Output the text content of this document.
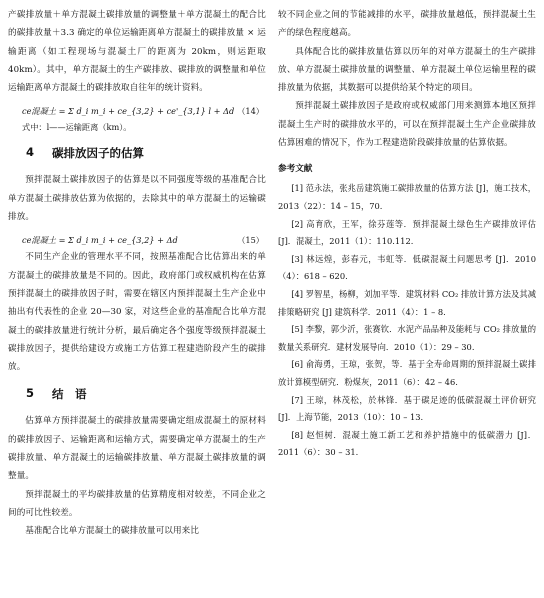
产碳排放量＋单方混凝土碳排放量的调整量＋单方混凝土的配合比的碳排放量＋3.3 确定的单位运输距离单方混凝土的碳排放量 × 运输距离（如工程现场与混凝土厂的距离为 20km，则运距取 40km）。其中，单方混凝土的生产碳排放、碳排放的调整量和单位运输距离单方混凝土的碳排放取自往年的统计资料。

ce混凝土 = Σ d_i m_i + ce_{3,2} + ce'_{3,1} l + Δd （14）
式中：l——运输距离（km）。
4 碳排放因子的估算

预拌混凝土碳排放因子的估算是以不同强度等级的基准配合比单方混凝土碳排放估算为依据的，去除其中的单方混凝土的运输碳排放。

ce混凝土 = Σ d_i m_i + ce_{3,2} + Δd	（15）

不同生产企业的管理水平不同，按照基准配合比估算出来的单方混凝土的碳排放量是不同的。因此，政府部门或权威机构在估算预拌混凝土的碳排放因子时，需要在辖区内预拌混凝土生产企业中抽出有代表性的企业 20—30 家，对这些企业的基准配合比单方混凝土的碳排放量进行统计分析，最后确定各个强度等级预拌混凝土碳排放因子，提供给建设方或施工方估算工程建造阶段产生的碳排放。

5 结　语

估算单方预拌混凝土的碳排放量需要确定组成混凝土的原材料的碳排放因子、运输距离和运输方式，需要确定单方混凝土的生产碳排放量、单方混凝土的运输碳排放量、单方混凝土碳排放量的调整量。

预拌混凝土的平均碳排放量的估算精度相对较差，不同企业之间的可比性较差。

基准配合比单方混凝土的碳排放量可以用来比

较不同企业之间的节能减排的水平，碳排放量越低，预拌混凝土生产的绿色程度越高。

具体配合比的碳排放量估算以历年的对单方混凝土的生产碳排放、单方混凝土碳排放量的调整量、单方混凝土单位运输里程的碳排放量为依据，其数据可以提供给某个特定的项目。

预拌混凝土碳排放因子是政府或权威部门用来测算本地区预拌混凝土生产时的碳排放水平的，可以在预拌混凝土生产企业碳排放估算困难的情况下，作为工程建造阶段碳排放量的估算依据。

参考文献

[1] 范永法，张兆岳建筑施工碳排放量的估算方法 [J]，施工技术，2013（22）：14 – 15，70.

[2] 高育欣，王军，徐芬莲等．预拌混凝土绿色生产碳排放评估 [J]．混凝土，2011（1）：110.112.

[3] 林远煌，彭春元，韦虹等．低碳混凝土问题思考 [J]．2010（4）：618 – 620.

[4] 罗智星，杨柳，刘加平等．建筑材料 CO₂ 排放计算方法及其减排策略研究 [J] 建筑科学．2011（4）：1 – 8.

[5] 李黎，郭少沂，张赛钦．水泥产品品种及能耗与 CO₂ 排放量的数量关系研究．建材发展导向．2010（1）：29 – 30.

[6] 俞海勇，王琼，张贺，等．基于全寿命周期的预拌混凝土碳排放计算模型研究．粉煤灰，2011（6）：42 – 46.

[7] 王琼，林茂松，於林锋．基于碳足迹的低碳混凝土评价研究 [J]．上海节能，2013（10）：10 – 13.

[8] 赵恒树．混凝土施工新工艺和养护措施中的低碳潜力 [J]．2011（6）：30 – 31.
